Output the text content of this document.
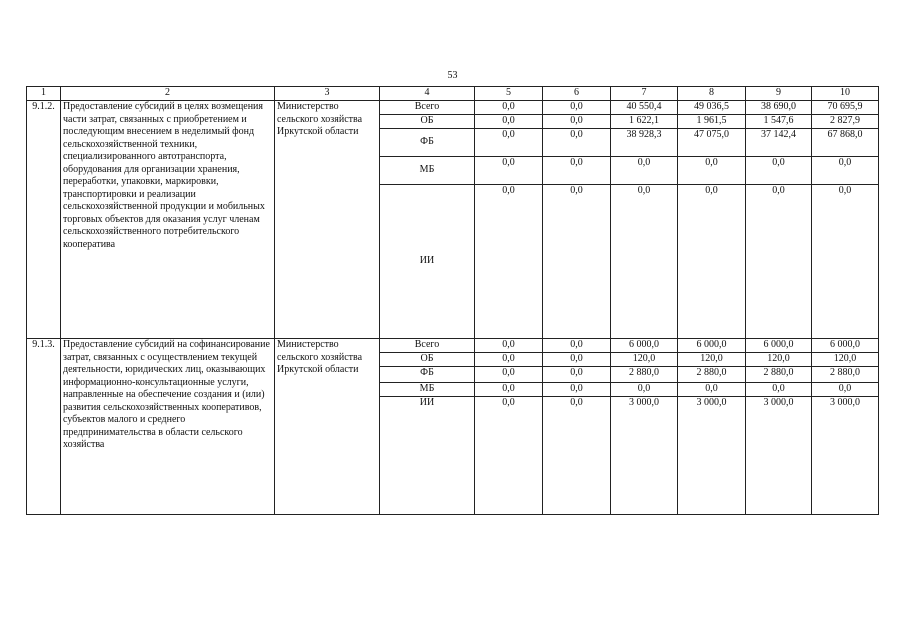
53
1	2	3	4	5	6	7	8	9	10
9.1.2.	Предоставление субсидий в целях возмещения части затрат, связанных с приобретением и последующим внесением в неделимый фонд сельскохозяйственной техники, специализированного автотранспорта, оборудования для организации хранения, переработки, упаковки, маркировки, транспортировки и реализации сельскохозяйственной продукции и мобильных торговых объектов для оказания услуг членам сельскохозяйственного потребительского кооператива	Министерство сельского хозяйства Иркутской области	Всего	0,0	0,0	40 550,4	49 036,5	38 690,0	70 695,9
			ОБ	0,0	0,0	1 622,1	1 961,5	1 547,6	2 827,9
			ФБ	0,0	0,0	38 928,3	47 075,0	37 142,4	67 868,0
			МБ	0,0	0,0	0,0	0,0	0,0	0,0
			ИИ	0,0	0,0	0,0	0,0	0,0	0,0
9.1.3.	Предоставление субсидий на софинансирование затрат, связанных с осуществлением текущей деятельности, юридических лиц, оказывающих информационно-консультационные услуги, направленные на обеспечение создания и (или) развития сельскохозяйственных кооперативов, субъектов малого и среднего предпринимательства в области сельского хозяйства	Министерство сельского хозяйства Иркутской области	Всего	0,0	0,0	6 000,0	6 000,0	6 000,0	6 000,0
			ОБ	0,0	0,0	120,0	120,0	120,0	120,0
			ФБ	0,0	0,0	2 880,0	2 880,0	2 880,0	2 880,0
			МБ	0,0	0,0	0,0	0,0	0,0	0,0
			ИИ	0,0	0,0	3 000,0	3 000,0	3 000,0	3 000,0
